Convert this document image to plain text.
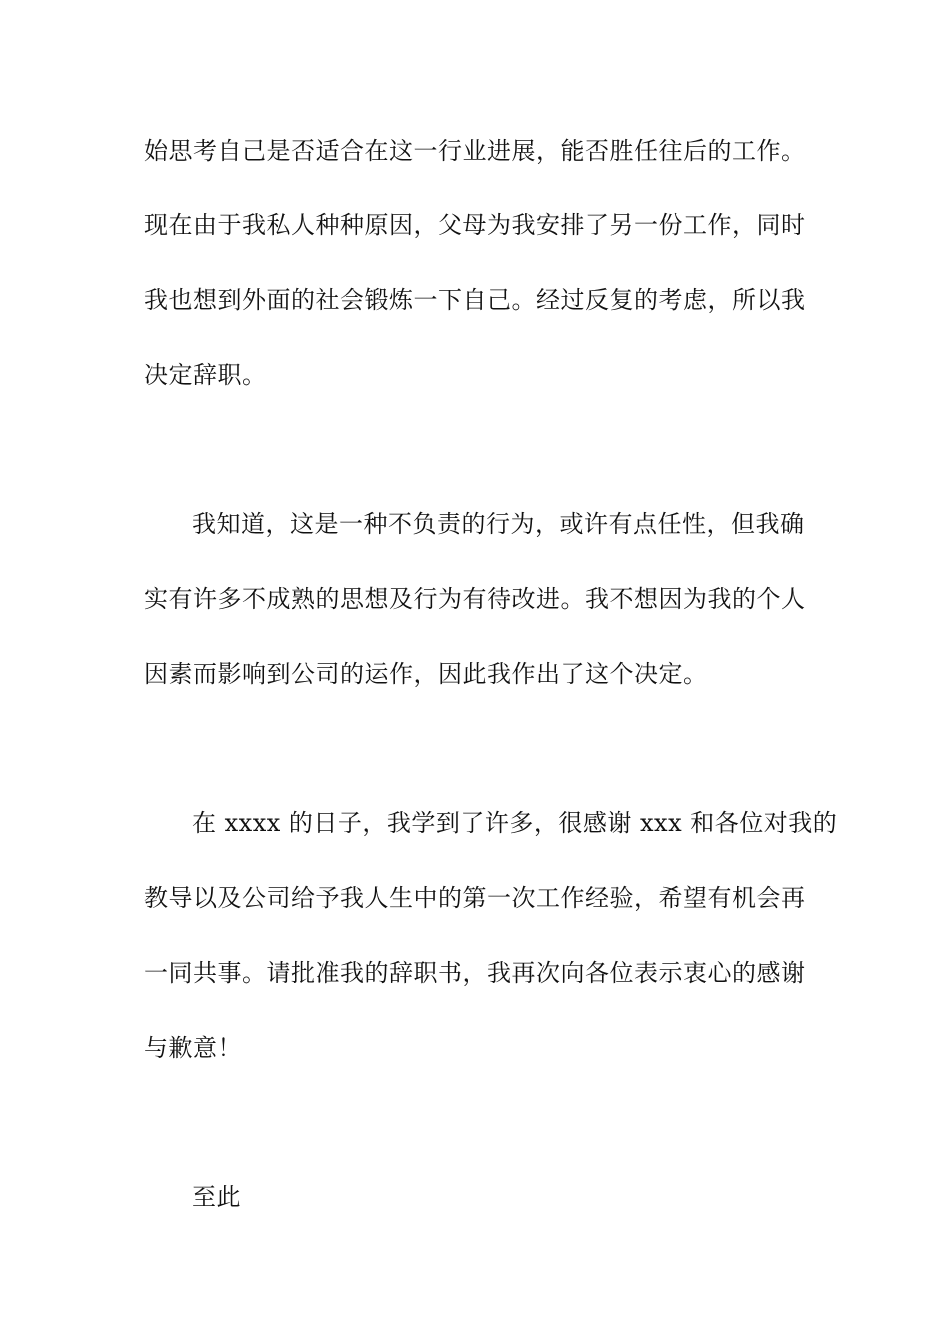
始思考自己是否适合在这一行业进展，能否胜任往后的工作。
现在由于我私人种种原因，父母为我安排了另一份工作，同时
我也想到外面的社会锻炼一下自己。经过反复的考虑，所以我
决定辞职。
我知道，这是一种不负责的行为，或许有点任性，但我确
实有许多不成熟的思想及行为有待改进。我不想因为我的个人
因素而影响到公司的运作，因此我作出了这个决定。
在 xxxx 的日子，我学到了许多，很感谢 xxx 和各位对我的
教导以及公司给予我人生中的第一次工作经验，希望有机会再
一同共事。请批准我的辞职书，我再次向各位表示衷心的感谢
与歉意！
至此
